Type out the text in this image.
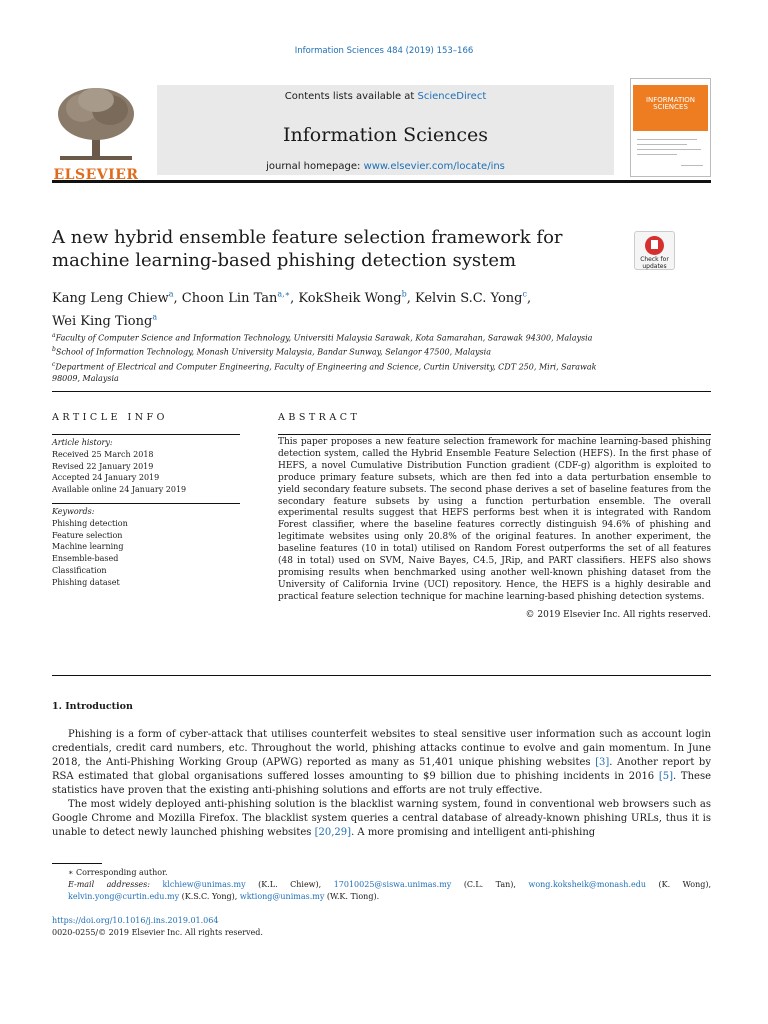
Information Sciences 484 (2019) 153–166
ELSEVIER
Contents lists available at ScienceDirect
Information Sciences
journal homepage: www.elsevier.com/locate/ins
INFORMATION SCIENCES
A new hybrid ensemble feature selection framework for machine learning-based phishing detection system	Check for updates
Kang Leng Chiew$^a$, Choon Lin Tan$^{a,∗}$, KokSheik Wong$^b$, Kelvin S.C. Yong$^c$,
Wei King Tiong$^a$
$^a$Faculty of Computer Science and Information Technology, Universiti Malaysia Sarawak, Kota Samarahan, Sarawak 94300, Malaysia
$^b$School of Information Technology, Monash University Malaysia, Bandar Sunway, Selangor 47500, Malaysia
$^c$Department of Electrical and Computer Engineering, Faculty of Engineering and Science, Curtin University, CDT 250, Miri, Sarawak 98009, Malaysia
ARTICLE INFO	ABSTRACT
Article history:
Received 25 March 2018
Revised 22 January 2019
Accepted 24 January 2019
Available online 24 January 2019
Keywords:
Phishing detection
Feature selection
Machine learning
Ensemble-based
Classification
Phishing dataset
This paper proposes a new feature selection framework for machine learning-based phishing detection system, called the Hybrid Ensemble Feature Selection (HEFS). In the first phase of HEFS, a novel Cumulative Distribution Function gradient (CDF-g) algorithm is exploited to produce primary feature subsets, which are then fed into a data perturbation ensemble to yield secondary feature subsets. The second phase derives a set of baseline features from the secondary feature subsets by using a function perturbation ensemble. The overall experimental results suggest that HEFS performs best when it is integrated with Random Forest classifier, where the baseline features correctly distinguish 94.6% of phishing and legitimate websites using only 20.8% of the original features. In another experiment, the baseline features (10 in total) utilised on Random Forest outperforms the set of all features (48 in total) used on SVM, Naive Bayes, C4.5, JRip, and PART classifiers. HEFS also shows promising results when benchmarked using another well-known phishing dataset from the University of California Irvine (UCI) repository. Hence, the HEFS is a highly desirable and practical feature selection technique for machine learning-based phishing detection systems.
© 2019 Elsevier Inc. All rights reserved.
1. Introduction

Phishing is a form of cyber-attack that utilises counterfeit websites to steal sensitive user information such as account login credentials, credit card numbers, etc. Throughout the world, phishing attacks continue to evolve and gain momentum. In June 2018, the Anti-Phishing Working Group (APWG) reported as many as 51,401 unique phishing websites [3]. Another report by RSA estimated that global organisations suffered losses amounting to $9 billion due to phishing incidents in 2016 [5]. These statistics have proven that the existing anti-phishing solutions and efforts are not truly effective.

The most widely deployed anti-phishing solution is the blacklist warning system, found in conventional web browsers such as Google Chrome and Mozilla Firefox. The blacklist system queries a central database of already-known phishing URLs, thus it is unable to detect newly launched phishing websites [20,29]. A more promising and intelligent anti-phishing

∗ Corresponding author.
E-mail addresses: klchiew@unimas.my (K.L. Chiew), 17010025@siswa.unimas.my (C.L. Tan), wong.koksheik@monash.edu (K. Wong), kelvin.yong@curtin.edu.my (K.S.C. Yong), wktiong@unimas.my (W.K. Tiong).
https://doi.org/10.1016/j.ins.2019.01.064
0020-0255/© 2019 Elsevier Inc. All rights reserved.
